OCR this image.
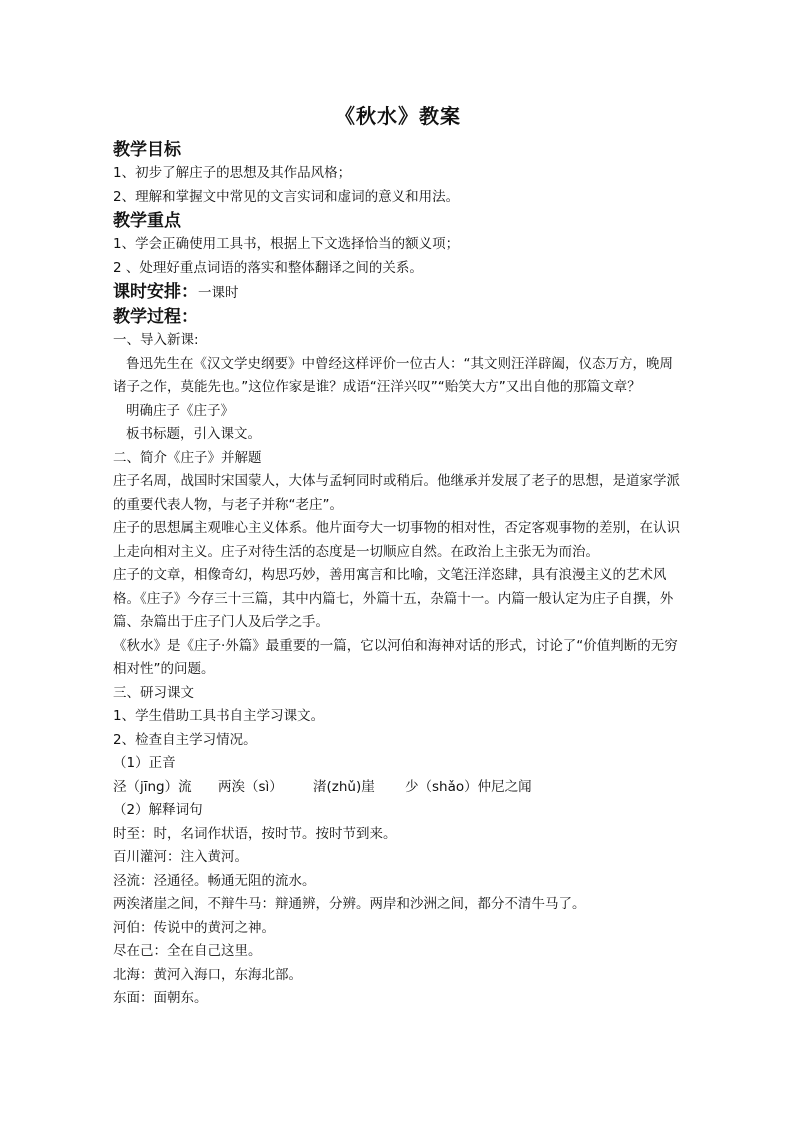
《秋水》教案
教学目标
1、初步了解庄子的思想及其作品风格；
2、理解和掌握文中常见的文言实词和虚词的意义和用法。
教学重点
1、学会正确使用工具书，根据上下文选择恰当的额义项；
2 、处理好重点词语的落实和整体翻译之间的关系。
课时安排：一课时
教学过程：
一、导入新课:
鲁迅先生在《汉文学史纲要》中曾经这样评价一位古人：“其文则汪洋辟阖，仪态万方，晚周诸子之作，莫能先也。”这位作家是谁？成语“汪洋兴叹”“贻笑大方”又出自他的那篇文章？
明确庄子《庄子》
板书标题，引入课文。
二、简介《庄子》并解题
庄子名周，战国时宋国蒙人，大体与孟轲同时或稍后。他继承并发展了老子的思想，是道家学派的重要代表人物，与老子并称“老庄”。
庄子的思想属主观唯心主义体系。他片面夸大一切事物的相对性，否定客观事物的差别，在认识上走向相对主义。庄子对待生活的态度是一切顺应自然。在政治上主张无为而治。
庄子的文章，相像奇幻，构思巧妙，善用寓言和比喻，文笔汪洋恣肆，具有浪漫主义的艺术风格。《庄子》今存三十三篇，其中内篇七，外篇十五，杂篇十一。内篇一般认定为庄子自撰，外篇、杂篇出于庄子门人及后学之手。
《秋水》是《庄子·外篇》最重要的一篇，它以河伯和海神对话的形式，讨论了“价值判断的无穷相对性”的问题。
三、研习课文
1、学生借助工具书自主学习课文。
2、检查自主学习情况。
（1）正音
泾（jīng）流	两涘（sì）	渚(zhǔ)崖	少（shǎo）仲尼之闻
（2）解释词句
时至：时，名词作状语，按时节。按时节到来。
百川灌河：注入黄河。
泾流：泾通径。畅通无阻的流水。
两涘渚崖之间，不辩牛马：辩通辨，分辨。两岸和沙洲之间，都分不清牛马了。
河伯：传说中的黄河之神。
尽在己：全在自己这里。
北海：黄河入海口，东海北部。
东面：面朝东。
